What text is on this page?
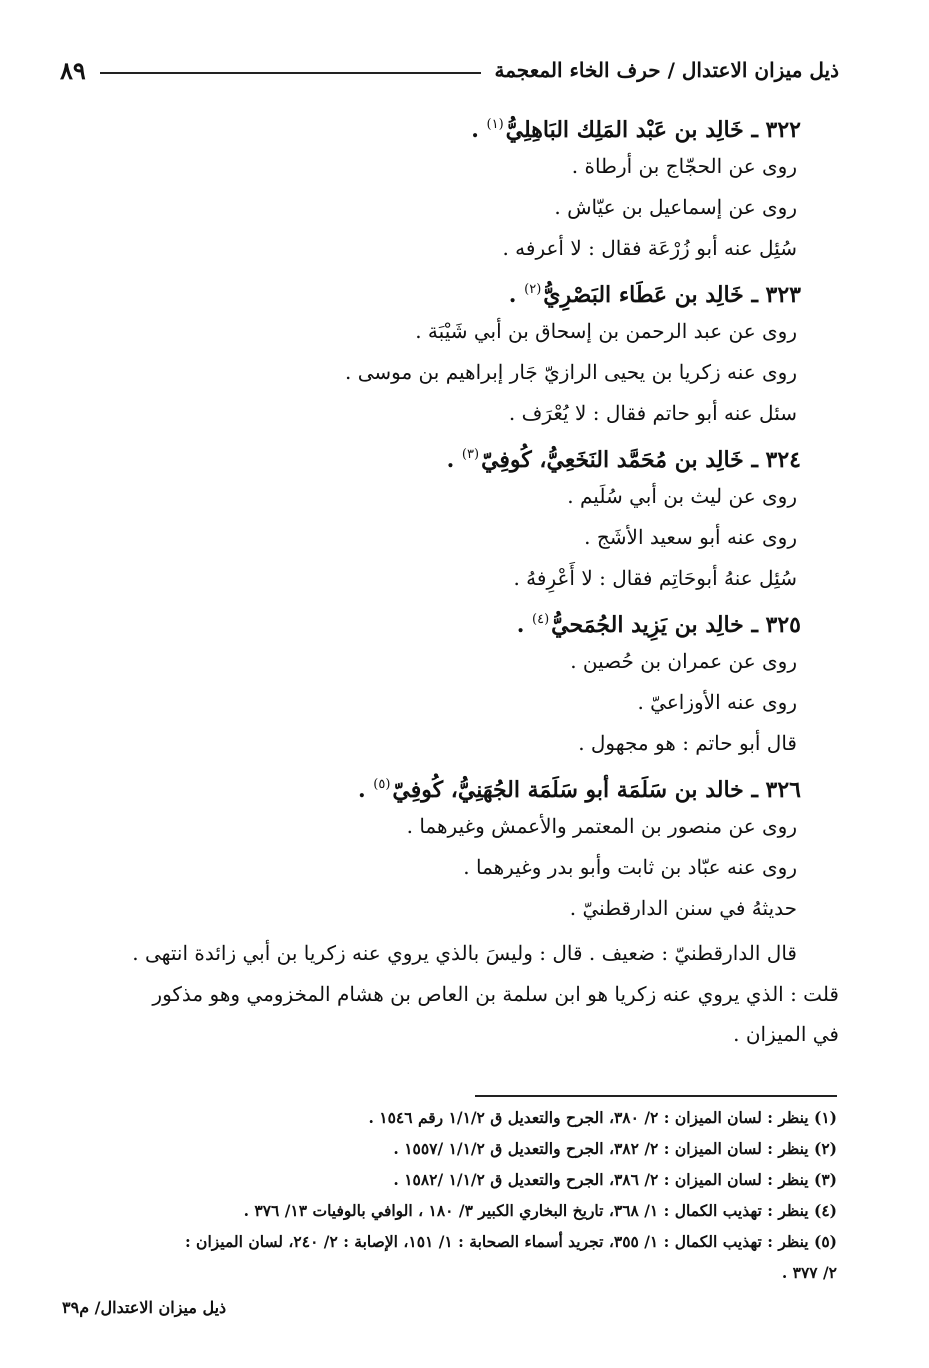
ذيل ميزان الاعتدال / حرف الخاء المعجمة
٨٩
٣٢٢ ـ خَالِد بن عَبْد المَلِك البَاهِلِيُّ$^{(١)}$ .
روى عن الحجّاج بن أرطاة .
روى عن إسماعيل بن عيّاش .
سُئِل عنه أبو زُرْعَة فقال : لا أعرفه .
٣٢٣ ـ خَالِد بن عَطَاء البَصْرِيُّ$^{(٢)}$ .
روى عن عبد الرحمن بن إسحاق بن أبي شَيْبَة .
روى عنه زكريا بن يحيى الرازيّ جَار إبراهيم بن موسى .
سئل عنه أبو حاتم فقال : لا يُعْرَف .
٣٢٤ ـ خَالِد بن مُحَمَّد النَخَعِيُّ، كُوفِيّ$^{(٣)}$ .
روى عن ليث بن أبي سُلَيم .
روى عنه أبو سعيد الأشَج .
سُئِل عنهُ أبوحَاتِم فقال : لا أَعْرِفهُ .
٣٢٥ ـ خالِد بن يَزِيد الجُمَحيُّ$^{(٤)}$ .
روى عن عمران بن حُصين .
روى عنه الأوزاعيّ .
قال أبو حاتم : هو مجهول .
٣٢٦ ـ خالد بن سَلَمَة أبو سَلَمَة الجُهَنِيُّ، كُوفِيّ$^{(٥)}$ .
روى عن منصور بن المعتمر والأعمش وغيرهما .
روى عنه عبّاد بن ثابت وأبو بدر وغيرهما .
حديثهُ في سنن الدارقطنيّ .
قال الدارقطنيّ : ضعيف . قال : وليسَ بالذي يروي عنه زكريا بن أبي زائدة انتهى .
قلت : الذي يروي عنه زكريا هو ابن سلمة بن العاص بن هشام المخزومي وهو مذكور
في الميزان .
(١) ينظر : لسان الميزان : ٢/ ٣٨٠، الجرح والتعديل ق ١/١/٢ رقم ١٥٤٦ .
(٢) ينظر : لسان الميزان : ٢/ ٣٨٢، الجرح والتعديل ق ١/١/٢ /١٥٥٧ .
(٣) ينظر : لسان الميزان : ٢/ ٣٨٦، الجرح والتعديل ق ١/١/٢ /١٥٨٢ .
(٤) ينظر : تهذيب الكمال : ١/ ٣٦٨، تاريخ البخاري الكبير ٣/ ١٨٠ ، الوافي بالوفيات ١٣/ ٣٧٦ .
(٥) ينظر : تهذيب الكمال : ١/ ٣٥٥، تجريد أسماء الصحابة : ١/ ١٥١، الإصابة : ٢/ ٢٤٠، لسان الميزان :
٢/ ٣٧٧ .
ذيل ميزان الاعتدال/ م٣٩
